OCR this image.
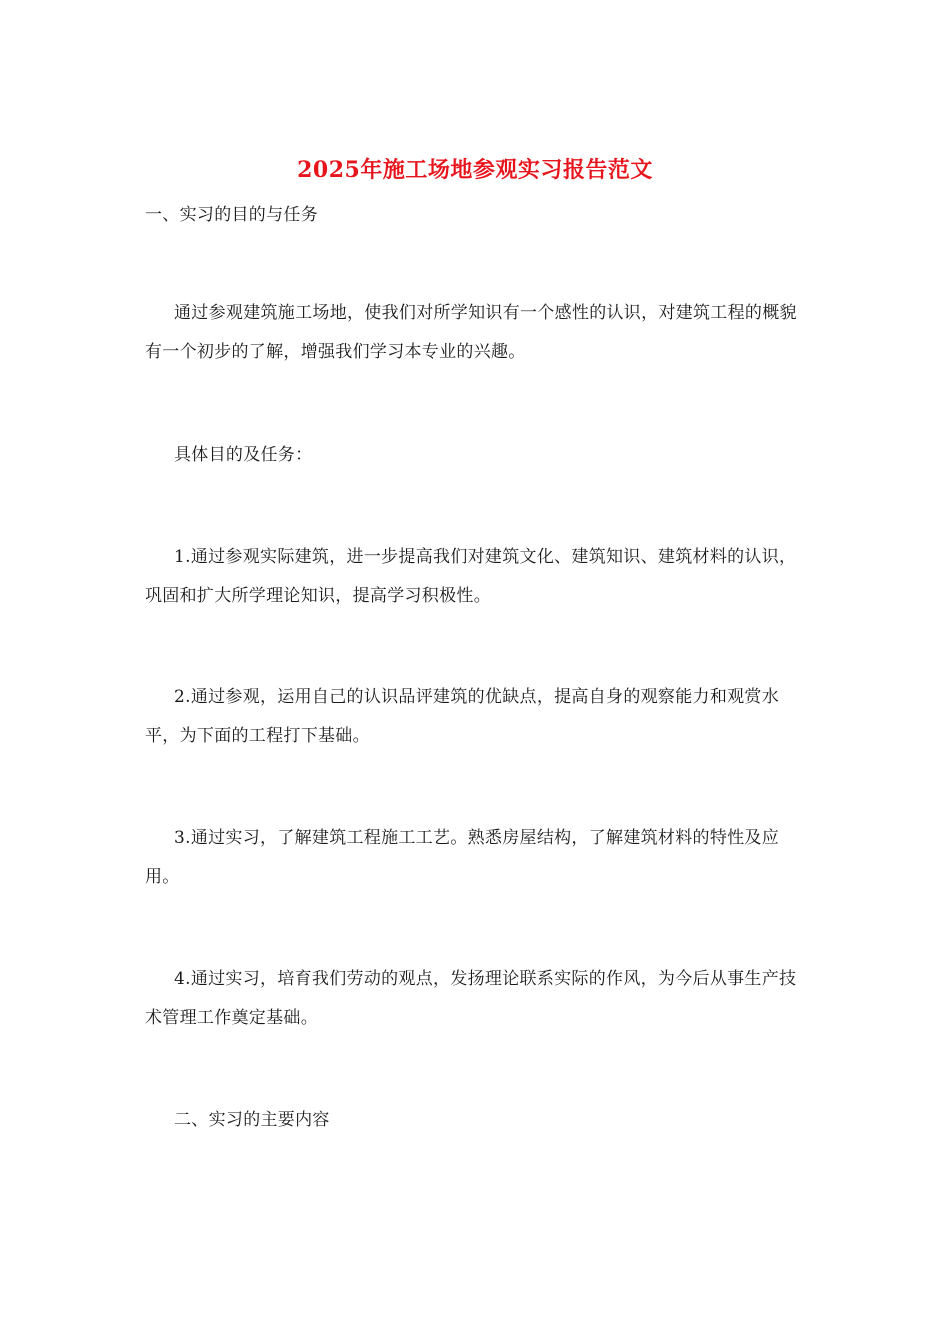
2025年施工场地参观实习报告范文

一、实习的目的与任务

通过参观建筑施工场地，使我们对所学知识有一个感性的认识，对建筑工程的概貌有一个初步的了解，增强我们学习本专业的兴趣。

具体目的及任务：

1.通过参观实际建筑，进一步提高我们对建筑文化、建筑知识、建筑材料的认识，巩固和扩大所学理论知识，提高学习积极性。

2.通过参观，运用自己的认识品评建筑的优缺点，提高自身的观察能力和观赏水平，为下面的工程打下基础。

3.通过实习，了解建筑工程施工工艺。熟悉房屋结构，了解建筑材料的特性及应用。

4.通过实习，培育我们劳动的观点，发扬理论联系实际的作风，为今后从事生产技术管理工作奠定基础。

二、实习的主要内容
